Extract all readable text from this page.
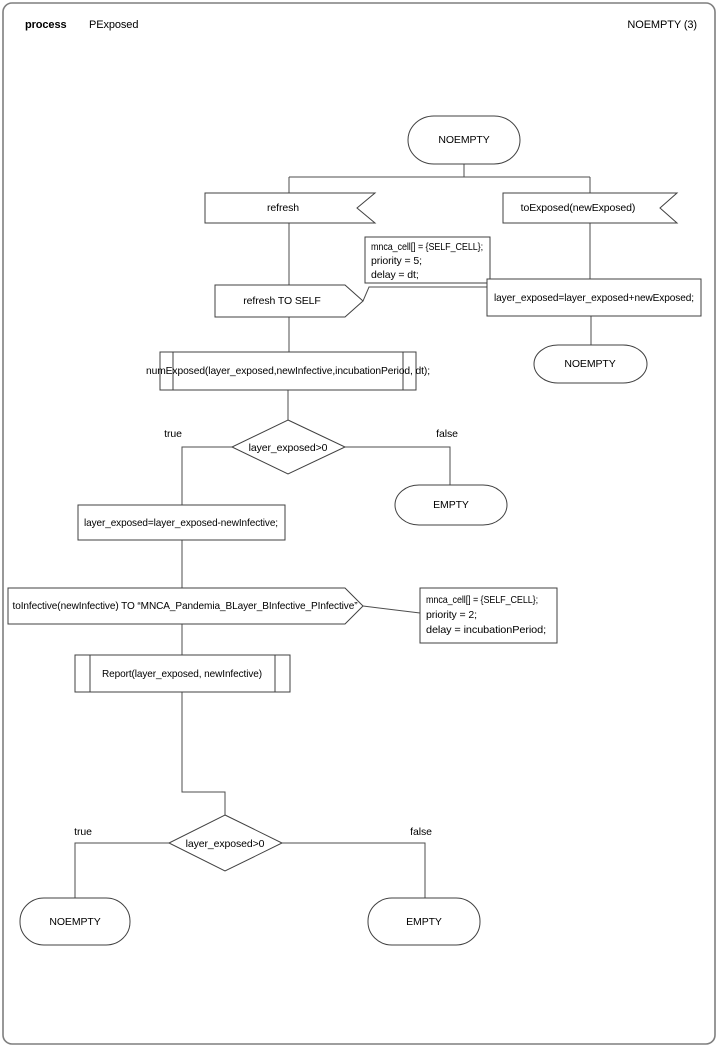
process PExposed	NOEMPTY (3)
NOEMPTY
refresh	toExposed(newExposed)
mnca_cell[] = {SELF_CELL};
priority = 5;
delay = dt;
refresh TO SELF	layer_exposed=layer_exposed+newExposed;
NOEMPTY
numExposed(layer_exposed,newInfective,incubationPeriod, dt);
layer_exposed>0
true	false
EMPTY
layer_exposed=layer_exposed-newInfective;
toInfective(newInfective) TO “MNCA_Pandemia_BLayer_BInfective_PInfective”	mnca_cell[] = {SELF_CELL};
priority = 2;
delay = incubationPeriod;
Report(layer_exposed, newInfective)
layer_exposed>0
true	false
NOEMPTY	EMPTY
